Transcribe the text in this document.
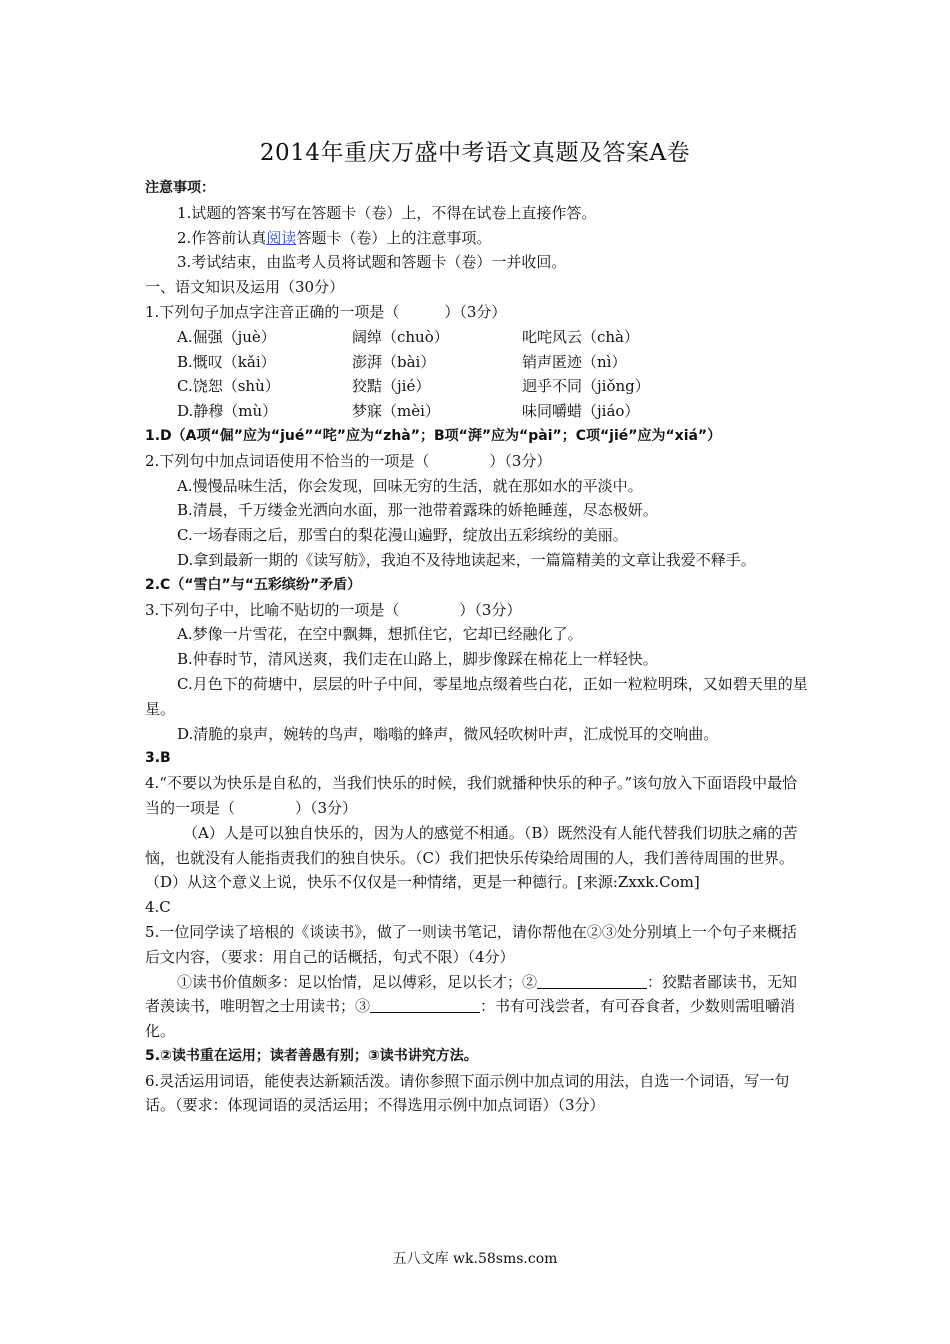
2014年重庆万盛中考语文真题及答案A卷
注意事项：
1.试题的答案书写在答题卡（卷）上，不得在试卷上直接作答。
2.作答前认真阅读答题卡（卷）上的注意事项。
3.考试结束，由监考人员将试题和答题卡（卷）一并收回。
一、语文知识及运用（30分）
1.下列句子加点字注音正确的一项是（　　　）（3分）
A.倔强（juè）	阔绰（chuò）	叱咤风云（chà）
B.慨叹（kǎi）	澎湃（bài）	销声匿迹（nì）
C.饶恕（shù）	狡黠（jié）	迥乎不同（jiǒng）
D.静穆（mù）	梦寐（mèi）	味同嚼蜡（jiáo）
1.D（A项“倔”应为“jué”“咤”应为“zhà”；B项“湃”应为“pài”；C项“jié”应为“xiá”）
2.下列句中加点词语使用不恰当的一项是（　　　　）（3分）
A.慢慢品味生活，你会发现，回味无穷的生活，就在那如水的平淡中。
B.清晨，千万缕金光洒向水面，那一池带着露珠的娇艳睡莲，尽态极妍。
C.一场春雨之后，那雪白的梨花漫山遍野，绽放出五彩缤纷的美丽。
D.拿到最新一期的《读写舫》，我迫不及待地读起来，一篇篇精美的文章让我爱不释手。
2.C（“雪白”与“五彩缤纷”矛盾）
3.下列句子中，比喻不贴切的一项是（　　　　）（3分）
A.梦像一片雪花，在空中飘舞，想抓住它，它却已经融化了。
B.仲春时节，清风送爽，我们走在山路上，脚步像踩在棉花上一样轻快。
C.月色下的荷塘中，层层的叶子中间，零星地点缀着些白花，正如一粒粒明珠，又如碧天里的星星。
D.清脆的泉声，婉转的鸟声，嗡嗡的蜂声，微风轻吹树叶声，汇成悦耳的交响曲。
3.B
4.“不要以为快乐是自私的，当我们快乐的时候，我们就播种快乐的种子。”该句放入下面语段中最恰当的一项是（　　　　）（3分）
（A）人是可以独自快乐的，因为人的感觉不相通。（B）既然没有人能代替我们切肤之痛的苦恼，也就没有人能指责我们的独自快乐。（C）我们把快乐传染给周围的人，我们善待周围的世界。（D）从这个意义上说，快乐不仅仅是一种情绪，更是一种德行。[来源:Zxxk.Com]
4.C
5.一位同学读了培根的《谈读书》，做了一则读书笔记，请你帮他在②③处分别填上一个句子来概括后文内容，（要求：用自己的话概括，句式不限）（4分）
①读书价值颇多：足以怡情，足以傅彩，足以长才；②	：狡黠者鄙读书，无知者羡读书，唯明智之士用读书；③	：书有可浅尝者，有可吞食者，少数则需咀嚼消化。
5.②读书重在运用；读者善愚有别；③读书讲究方法。
6.灵活运用词语，能使表达新颖活泼。请你参照下面示例中加点词的用法，自选一个词语，写一句话。（要求：体现词语的灵活运用；不得选用示例中加点词语）（3分）
五八文库 wk.58sms.com
